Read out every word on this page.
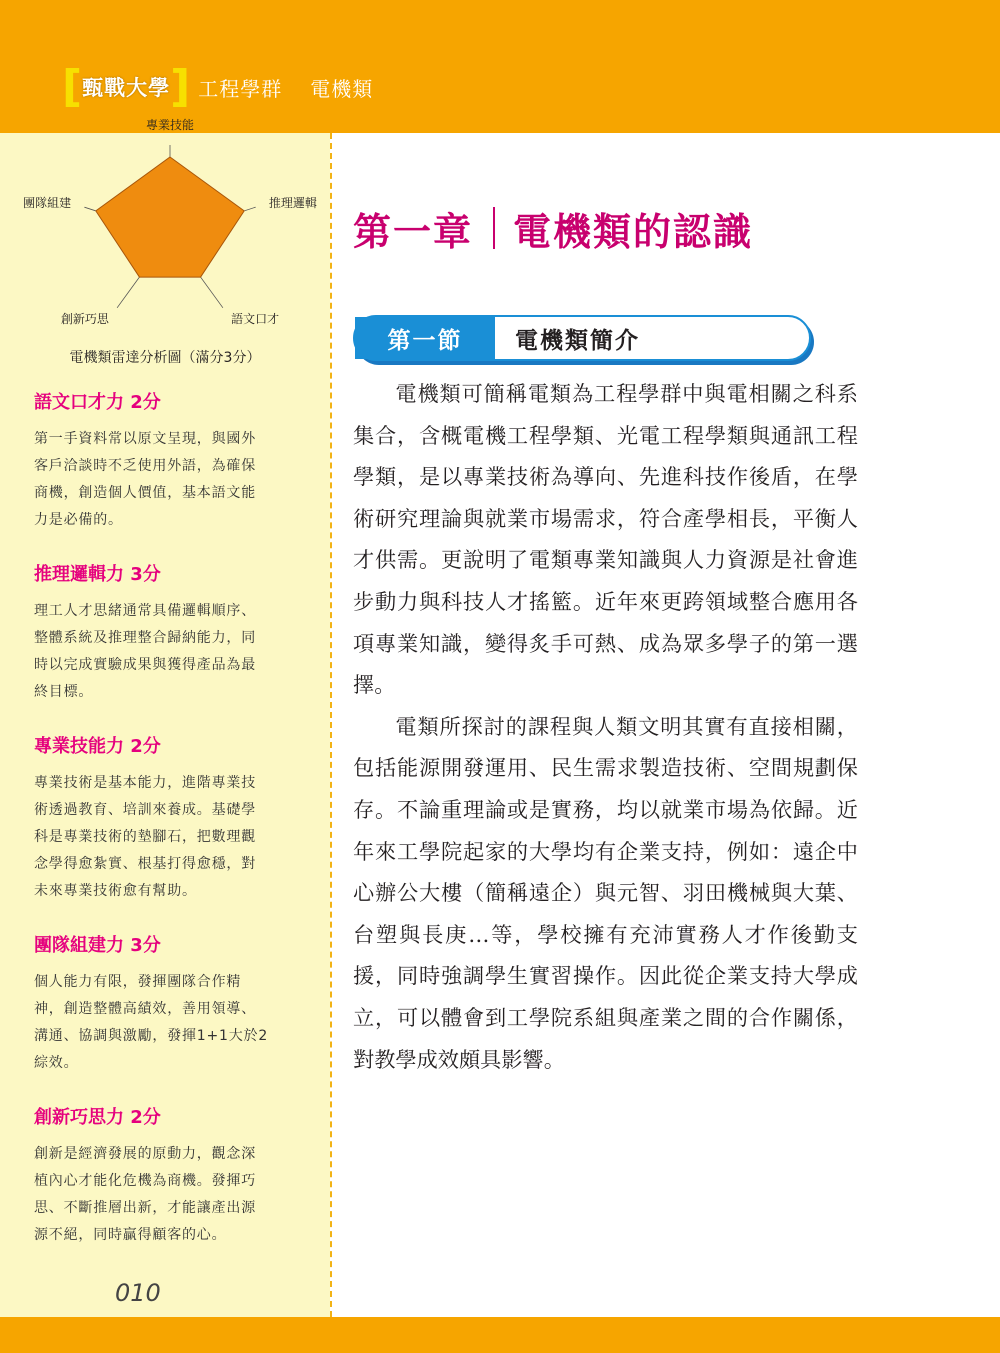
[ 甄戰大學 ] 工程學群 電機類
專業技能
推理邏輯
語文口才
創新巧思
團隊組建
電機類雷達分析圖（滿分3分）
語文口才力 2分

第一手資料常以原文呈現，與國外
客戶洽談時不乏使用外語，為確保
商機，創造個人價值，基本語文能
力是必備的。

推理邏輯力 3分

理工人才思緒通常具備邏輯順序、
整體系統及推理整合歸納能力，同
時以完成實驗成果與獲得產品為最
終目標。

專業技能力 2分

專業技術是基本能力，進階專業技
術透過教育、培訓來養成。基礎學
科是專業技術的墊腳石，把數理觀
念學得愈紮實、根基打得愈穩，對
未來專業技術愈有幫助。

團隊組建力 3分

個人能力有限，發揮團隊合作精
神，創造整體高績效，善用領導、
溝通、協調與激勵，發揮1+1大於2
綜效。

創新巧思力 2分

創新是經濟發展的原動力，觀念深
植內心才能化危機為商機。發揮巧
思、不斷推層出新，才能讓產出源
源不絕，同時贏得顧客的心。

010
第一章 電機類的認識
第一節	電機類簡介

電機類可簡稱電類為工程學群中與電相關之科系集合，含概電機工程學類、光電工程學類與通訊工程學類，是以專業技術為導向、先進科技作後盾，在學術研究理論與就業市場需求，符合產學相長，平衡人才供需。更說明了電類專業知識與人力資源是社會進步動力與科技人才搖籃。近年來更跨領域整合應用各項專業知識，變得炙手可熱、成為眾多學子的第一選擇。

電類所探討的課程與人類文明其實有直接相關，包括能源開發運用、民生需求製造技術、空間規劃保存。不論重理論或是實務，均以就業市場為依歸。近年來工學院起家的大學均有企業支持，例如：遠企中心辦公大樓（簡稱遠企）與元智、羽田機械與大葉、台塑與長庚…等，學校擁有充沛實務人才作後勤支援，同時強調學生實習操作。因此從企業支持大學成立，可以體會到工學院系組與產業之間的合作關係，對教學成效頗具影響。
